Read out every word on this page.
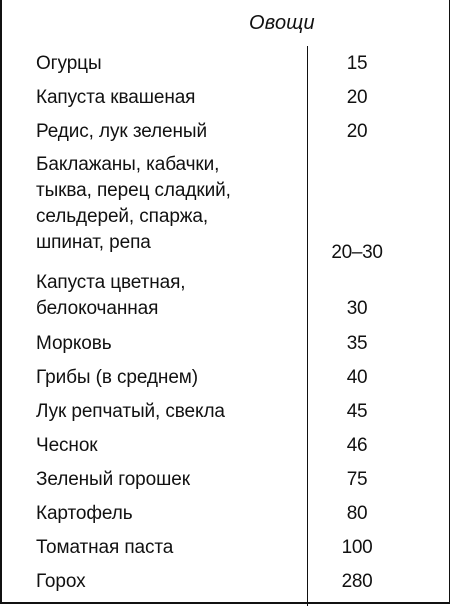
Овощи
Огурцы	15
Капуста квашеная	20
Редис, лук зеленый	20
Баклажаны, кабачки,
тыква, перец сладкий,
сельдерей, спаржа,
шпинат, репа	20–30
Капуста цветная,
белокочанная	30
Морковь	35
Грибы (в среднем)	40
Лук репчатый, свекла	45
Чеснок	46
Зеленый горошек	75
Картофель	80
Томатная паста	100
Горох	280
